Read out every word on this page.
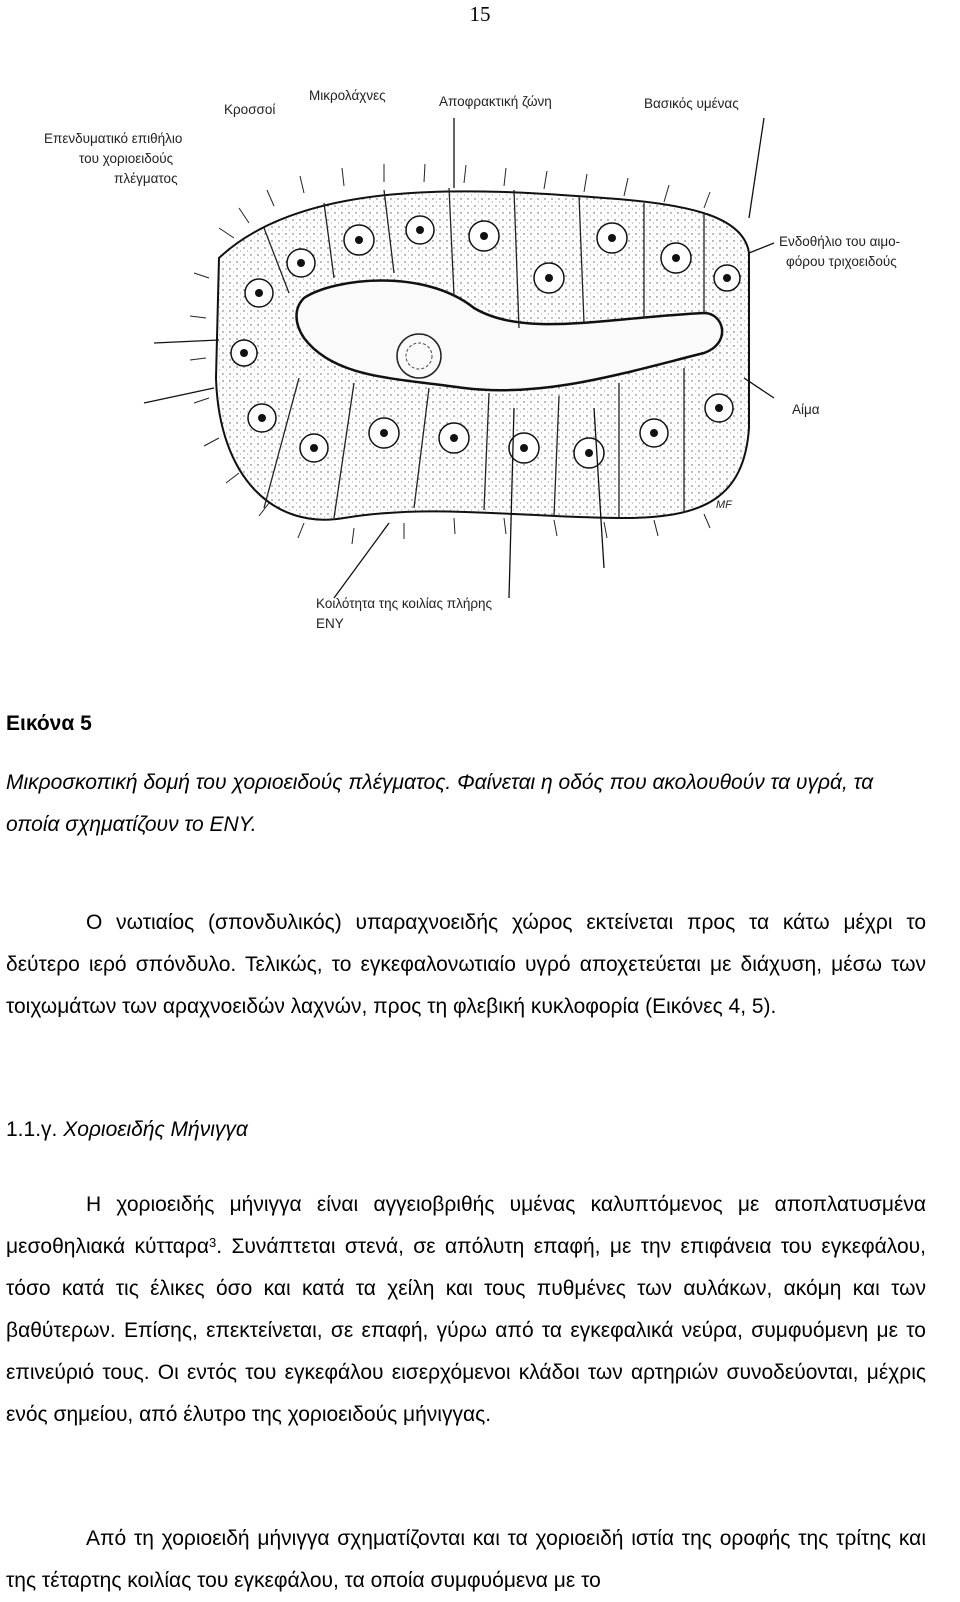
15
Επενδυματικό επιθήλιο
του χοριοειδούς
πλέγματος
Κροσσοί
Μικρολάχνες	Αποφρακτική ζώνη	Βασικός υμένας
Ενδοθήλιο του αιμο-
φόρου τριχοειδούς
Αίμα
Κοιλότητα της κοιλίας πλήρης
ΕΝΥ
MF
Εικόνα 5
Μικροσκοπική δομή του χοριοειδούς πλέγματος. Φαίνεται η οδός που ακολουθούν τα υγρά, τα οποία σχηματίζουν το ΕΝΥ.

Ο νωτιαίος (σπονδυλικός) υπαραχνοειδής χώρος εκτείνεται προς τα κάτω μέχρι το δεύτερο ιερό σπόνδυλο. Τελικώς, το εγκεφαλονωτιαίο υγρό αποχετεύεται με διάχυση, μέσω των τοιχωμάτων των αραχνοειδών λαχνών, προς τη φλεβική κυκλοφορία (Εικόνες 4, 5).

1.1.γ. Χοριοειδής Μήνιγγα

Η χοριοειδής μήνιγγα είναι αγγειοβριθής υμένας καλυπτόμενος με αποπλατυσμένα μεσοθηλιακά κύτταρα$^3$. Συνάπτεται στενά, σε απόλυτη επαφή, με την επιφάνεια του εγκεφάλου, τόσο κατά τις έλικες όσο και κατά τα χείλη και τους πυθμένες των αυλάκων, ακόμη και των βαθύτερων. Επίσης, επεκτείνεται, σε επαφή, γύρω από τα εγκεφαλικά νεύρα, συμφυόμενη με το επινεύριό τους. Οι εντός του εγκεφάλου εισερχόμενοι κλάδοι των αρτηριών συνοδεύονται, μέχρις ενός σημείου, από έλυτρο της χοριοειδούς μήνιγγας.

Από τη χοριοειδή μήνιγγα σχηματίζονται και τα χοριοειδή ιστία της οροφής της τρίτης και της τέταρτης κοιλίας του εγκεφάλου, τα οποία συμφυόμενα με το
